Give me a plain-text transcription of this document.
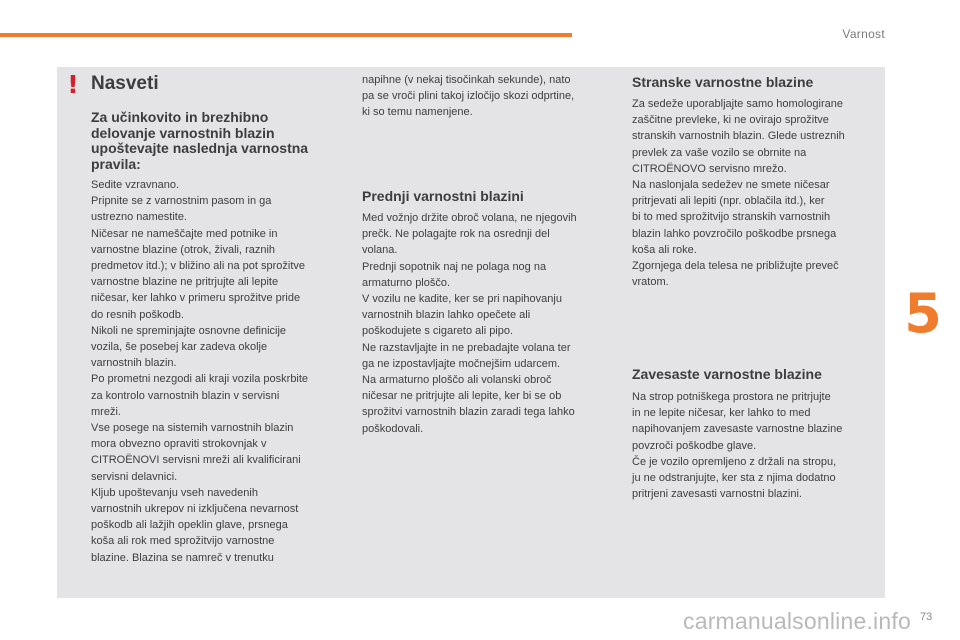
Varnost
5
! Nasveti
Za učinkovito in brezhibno delovanje varnostnih blazin upoštevajte naslednja varnostna pravila:

Sedite vzravnano.

Pripnite se z varnostnim pasom in ga

ustrezno namestite.

Ničesar ne nameščajte med potnike in

varnostne blazine (otrok, živali, raznih

predmetov itd.); v bližino ali na pot sprožitve

varnostne blazine ne pritrjujte ali lepite

ničesar, ker lahko v primeru sprožitve pride

do resnih poškodb.

Nikoli ne spreminjajte osnovne definicije

vozila, še posebej kar zadeva okolje

varnostnih blazin.

Po prometni nezgodi ali kraji vozila poskrbite

za kontrolo varnostnih blazin v servisni

mreži.

Vse posege na sistemih varnostnih blazin

mora obvezno opraviti strokovnjak v

CITROËNOVI servisni mreži ali kvalificirani

servisni delavnici.

Kljub upoštevanju vseh navedenih

varnostnih ukrepov ni izključena nevarnost

poškodb ali lažjih opeklin glave, prsnega

koša ali rok med sprožitvijo varnostne

blazine. Blazina se namreč v trenutku

napihne (v nekaj tisočinkah sekunde), nato

pa se vroči plini takoj izločijo skozi odprtine,

ki so temu namenjene.

Prednji varnostni blazini

Med vožnjo držite obroč volana, ne njegovih

prečk. Ne polagajte rok na osrednji del

volana.

Prednji sopotnik naj ne polaga nog na

armaturno ploščo.

V vozilu ne kadite, ker se pri napihovanju

varnostnih blazin lahko opečete ali

poškodujete s cigareto ali pipo.

Ne razstavljajte in ne prebadajte volana ter

ga ne izpostavljajte močnejšim udarcem.

Na armaturno ploščo ali volanski obroč

ničesar ne pritrjujte ali lepite, ker bi se ob

sprožitvi varnostnih blazin zaradi tega lahko

poškodovali.

Stranske varnostne blazine

Za sedeže uporabljajte samo homologirane

zaščitne prevleke, ki ne ovirajo sprožitve

stranskih varnostnih blazin. Glede ustreznih

prevlek za vaše vozilo se obrnite na

CITROËNOVO servisno mrežo.

Na naslonjala sedežev ne smete ničesar

pritrjevati ali lepiti (npr. oblačila itd.), ker

bi to med sprožitvijo stranskih varnostnih

blazin lahko povzročilo poškodbe prsnega

koša ali roke.

Zgornjega dela telesa ne približujte preveč

vratom.

Zavesaste varnostne blazine

Na strop potniškega prostora ne pritrjujte

in ne lepite ničesar, ker lahko to med

napihovanjem zavesaste varnostne blazine

povzroči poškodbe glave.

Če je vozilo opremljeno z držali na stropu,

ju ne odstranjujte, ker sta z njima dodatno

pritrjeni zavesasti varnostni blazini.

73
carmanualsonline.info
